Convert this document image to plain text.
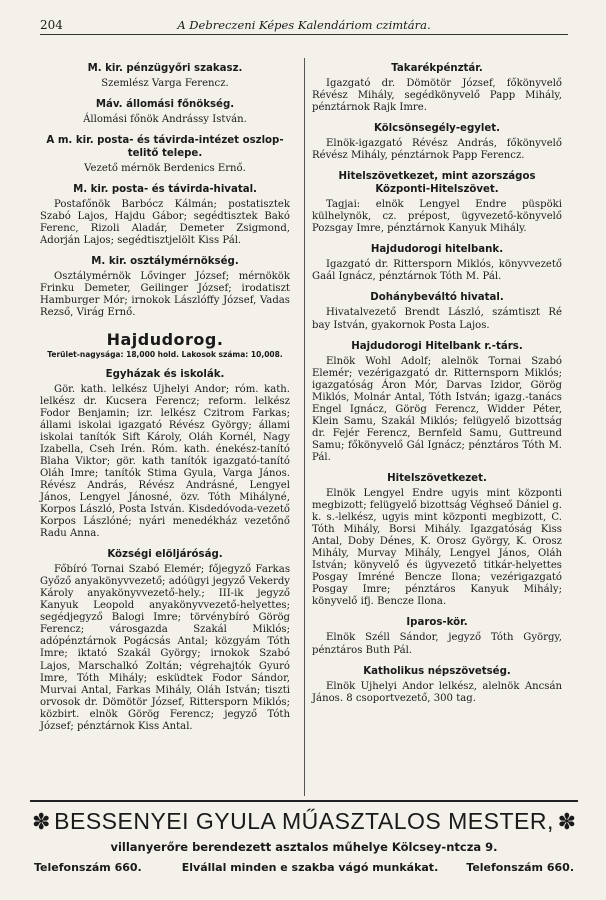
204	A Debreczeni Képes Kalendáriom czimtára.
M. kir. pénzügyőri szakasz.

Szemlész Varga Ferencz.

Máv. állomási főnökség.

Állomási főnök Andrássy István.

A m. kir. posta- és távirda-intézet oszlop-telitő telepe.

Vezető mérnök Berdenics Ernő.

M. kir. posta- és távirda-hivatal.

Postafőnök Barbócz Kálmán; postatisztek Szabó Lajos, Hajdu Gábor; segédtisztek Bakó Ferenc, Rizoli Aladár, Demeter Zsigmond, Adorján Lajos; segédtisztjelölt Kiss Pál.

M. kir. osztálymérnökség.

Osztálymérnök Lővinger József; mérnökök Frinku Demeter, Geilinger József; irodatiszt Hamburger Mór; irnokok Lászlóffy József, Vadas Rezső, Virág Ernő.

Hajdudorog.
Terület-nagysága: 18,000 hold. Lakosok száma: 10,008.
Egyházak és iskolák.

Gör. kath. lelkész Ujhelyi Andor; róm. kath. lelkész dr. Kucsera Ferencz; reform. lelkész Fodor Benjamin; izr. lelkész Czitrom Farkas; állami iskolai igazgató Révész György; állami iskolai tanítók Sift Károly, Oláh Kornél, Nagy Izabella, Cseh Irén. Róm. kath. énekész-tanító Blaha Viktor; gör. kath tanítók igazgató-tanító Oláh Imre; tanítók Stima Gyula, Varga János. Révész András, Révész Andrásné, Lengyel János, Lengyel Jánosné, özv. Tóth Mihályné, Korpos László, Posta István. Kisdedóvoda-vezető Korpos Lászlóné; nyári menedékház vezetőnő Radu Anna.

Községi elöljáróság.

Főbíró Tornai Szabó Elemér; főjegyző Farkas Győző anyakönyvvezető; adóügyi jegyző Vekerdy Károly anyakönyvvezető-hely.; III-ik jegyző Kanyuk Leopold anyakönyvvezető-helyettes; segédjegyző Balogi Imre; törvénybíró Görög Ferencz; városgazda Szakál Miklós; adópénztárnok Pogácsás Antal; közgyám Tóth Imre; iktató Szakál György; irnokok Szabó Lajos, Marschalkó Zoltán; végrehajtók Gyuró Imre, Tóth Mihály; esküdtek Fodor Sándor, Murvai Antal, Farkas Mihály, Oláh István; tiszti orvosok dr. Dömötör József, Rittersporn Miklós; közbirt. elnök Görög Ferencz; jegyző Tóth József; pénztárnok Kiss Antal.

Takarékpénztár.

Igazgató dr. Dömötör József, főkönyvelő Révész Mihály, segédkönyvelő Papp Mihály, pénztárnok Rajk Imre.

Kölcsönsegély-egylet.

Elnök-igazgató Révész András, főkönyvelő Révész Mihály, pénztárnok Papp Ferencz.

Hitelszövetkezet, mint azországos Központi-Hitelszövet.

Tagjai: elnök Lengyel Endre püspöki külhelynök, cz. prépost, ügyvezető-könyvelő Pozsgay Imre, pénztárnok Kanyuk Mihály.

Hajdudorogi hitelbank.

Igazgató dr. Rittersporn Miklós, könyvvezető Gaál Ignácz, pénztárnok Tóth M. Pál.

Dohánybeváltó hivatal.

Hivatalvezető Brendt László, számtiszt Ré bay István, gyakornok Posta Lajos.

Hajdudorogi Hitelbank r.-társ.

Elnök Wohl Adolf; alelnök Tornai Szabó Elemér; vezérigazgató dr. Ritternsporn Miklós; igazgatóság Áron Mór, Darvas Izidor, Görög Miklós, Molnár Antal, Tóth István; igazg.-tanács Engel Ignácz, Görög Ferencz, Widder Péter, Klein Samu, Szakál Miklós; felügyelő bizottság dr. Fejér Ferencz, Bernfeld Samu, Guttreund Samu; főkönyvelő Gál Ignácz; pénztáros Tóth M. Pál.

Hitelszövetkezet.

Elnök Lengyel Endre ugyis mint központi megbizott; felügyelő bizottság Véghseő Dániel g. k. s.-lelkész, ugyis mint központi megbizott, C. Tóth Mihály, Borsi Mihály. Igazgatóság Kiss Antal, Doby Dénes, K. Orosz György, K. Orosz Mihály, Murvay Mihály, Lengyel János, Oláh István; könyvelő és ügyvezető titkár-helyettes Posgay Imréné Bencze Ilona; vezérigazgató Posgay Imre; pénztáros Kanyuk Mihály; könyvelő ifj. Bencze Ilona.

Iparos-kör.

Elnök Széll Sándor, jegyző Tóth György, pénztáros Buth Pál.

Katholikus népszövetség.

Elnök Ujhelyi Andor lelkész, alelnök Ancsán János. 8 csoportvezető, 300 tag.

✽	✽
BESSENYEI GYULA MŰASZTALOS MESTER,
villanyerőre berendezett asztalos műhelye Kölcsey-ntcza 9.
Telefonszám 660.	Elvállal minden e szakba vágó munkákat.	Telefonszám 660.
